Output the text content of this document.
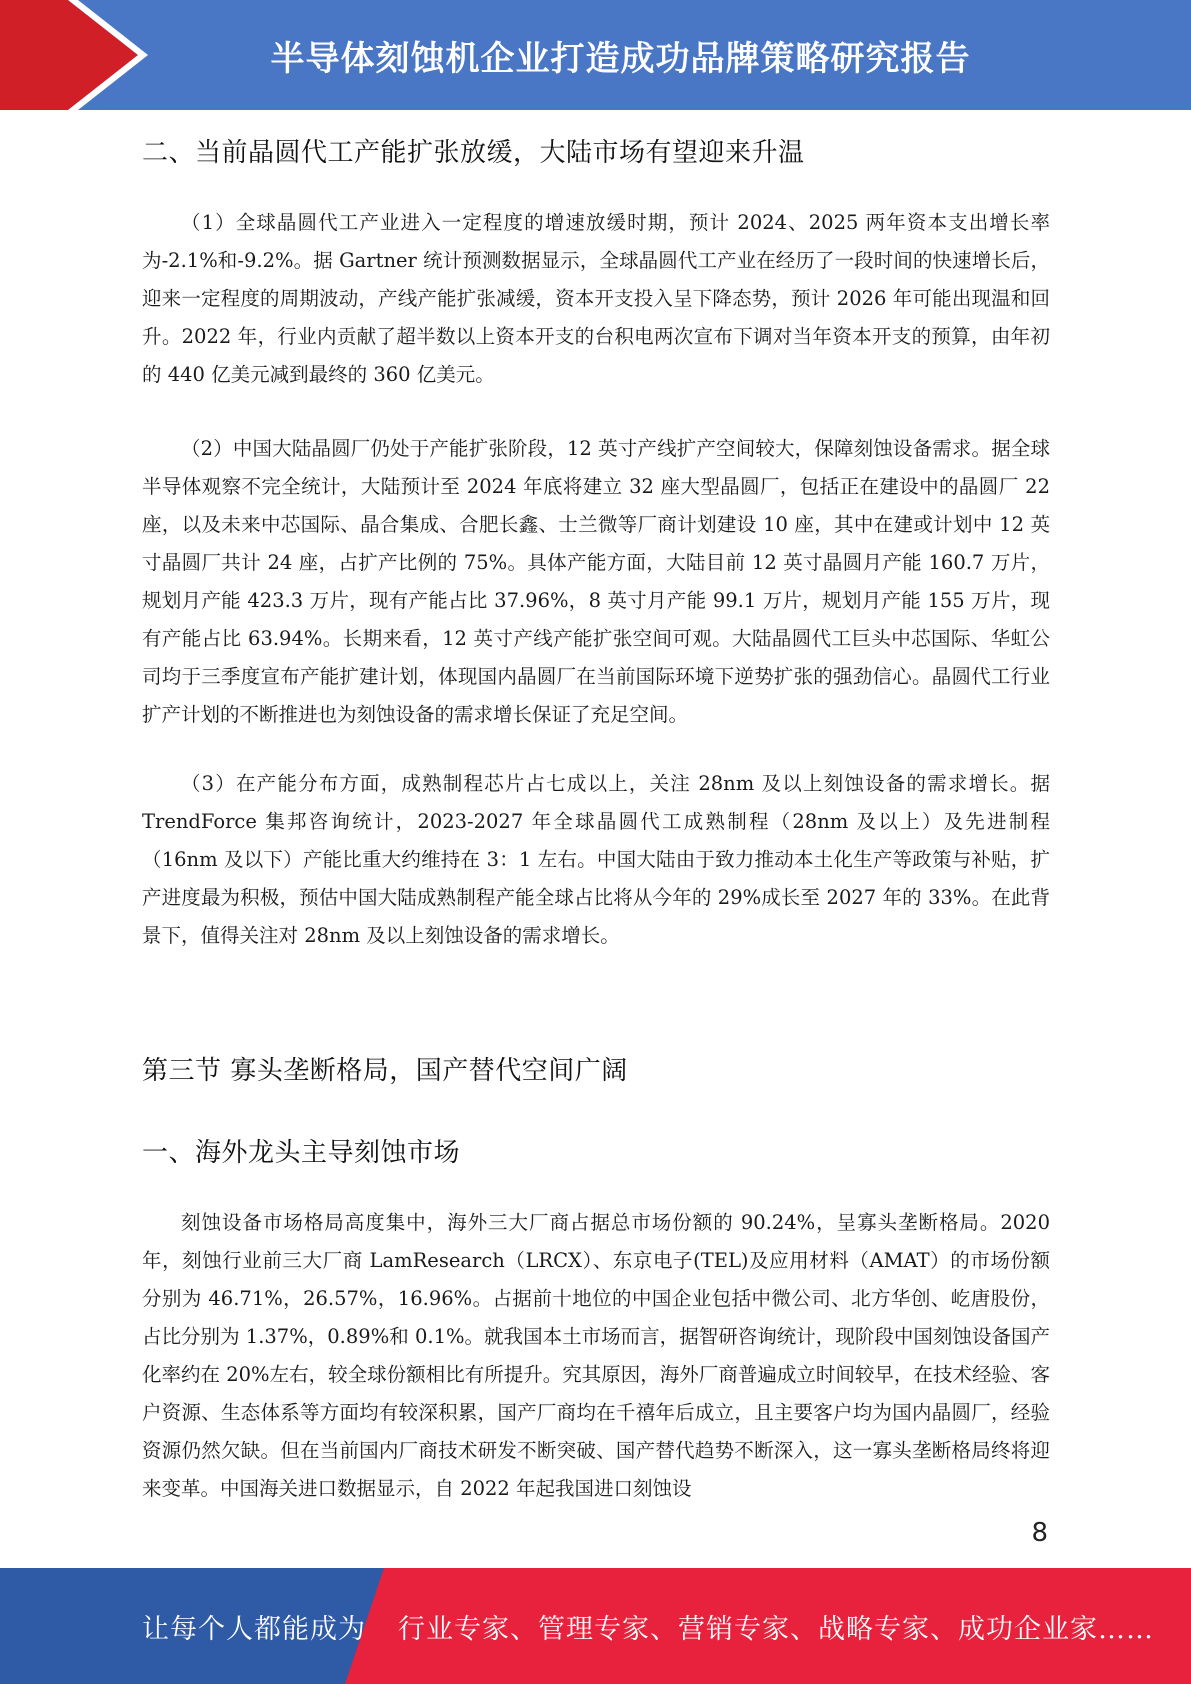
半导体刻蚀机企业打造成功品牌策略研究报告
二、当前晶圆代工产能扩张放缓，大陆市场有望迎来升温

（1）全球晶圆代工产业进入一定程度的增速放缓时期，预计 2024、2025 两年资本支出增长率为-2.1%和-9.2%。据 Gartner 统计预测数据显示，全球晶圆代工产业在经历了一段时间的快速增长后，迎来一定程度的周期波动，产线产能扩张减缓，资本开支投入呈下降态势，预计 2026 年可能出现温和回升。2022 年，行业内贡献了超半数以上资本开支的台积电两次宣布下调对当年资本开支的预算，由年初的 440 亿美元减到最终的 360 亿美元。

（2）中国大陆晶圆厂仍处于产能扩张阶段，12 英寸产线扩产空间较大，保障刻蚀设备需求。据全球半导体观察不完全统计，大陆预计至 2024 年底将建立 32 座大型晶圆厂，包括正在建设中的晶圆厂 22 座，以及未来中芯国际、晶合集成、合肥长鑫、士兰微等厂商计划建设 10 座，其中在建或计划中 12 英寸晶圆厂共计 24 座，占扩产比例的 75%。具体产能方面，大陆目前 12 英寸晶圆月产能 160.7 万片，规划月产能 423.3 万片，现有产能占比 37.96%，8 英寸月产能 99.1 万片，规划月产能 155 万片，现有产能占比 63.94%。长期来看，12 英寸产线产能扩张空间可观。大陆晶圆代工巨头中芯国际、华虹公司均于三季度宣布产能扩建计划，体现国内晶圆厂在当前国际环境下逆势扩张的强劲信心。晶圆代工行业扩产计划的不断推进也为刻蚀设备的需求增长保证了充足空间。

（3）在产能分布方面，成熟制程芯片占七成以上，关注 28nm 及以上刻蚀设备的需求增长。据 TrendForce 集邦咨询统计，2023-2027 年全球晶圆代工成熟制程（28nm 及以上）及先进制程（16nm 及以下）产能比重大约维持在 3：1 左右。中国大陆由于致力推动本土化生产等政策与补贴，扩产进度最为积极，预估中国大陆成熟制程产能全球占比将从今年的 29%成长至 2027 年的 33%。在此背景下，值得关注对 28nm 及以上刻蚀设备的需求增长。

第三节 寡头垄断格局，国产替代空间广阔
一、海外龙头主导刻蚀市场

刻蚀设备市场格局高度集中，海外三大厂商占据总市场份额的 90.24%，呈寡头垄断格局。2020 年，刻蚀行业前三大厂商 LamResearch（LRCX）、东京电子(TEL)及应用材料（AMAT）的市场份额分别为 46.71%，26.57%，16.96%。占据前十地位的中国企业包括中微公司、北方华创、屹唐股份，占比分别为 1.37%，0.89%和 0.1%。就我国本土市场而言，据智研咨询统计，现阶段中国刻蚀设备国产化率约在 20%左右，较全球份额相比有所提升。究其原因，海外厂商普遍成立时间较早，在技术经验、客户资源、生态体系等方面均有较深积累，国产厂商均在千禧年后成立，且主要客户均为国内晶圆厂，经验资源仍然欠缺。但在当前国内厂商技术研发不断突破、国产替代趋势不断深入，这一寡头垄断格局终将迎来变革。中国海关进口数据显示，自 2022 年起我国进口刻蚀设

8
让每个人都能成为 行业专家、管理专家、营销专家、战略专家、成功企业家……
